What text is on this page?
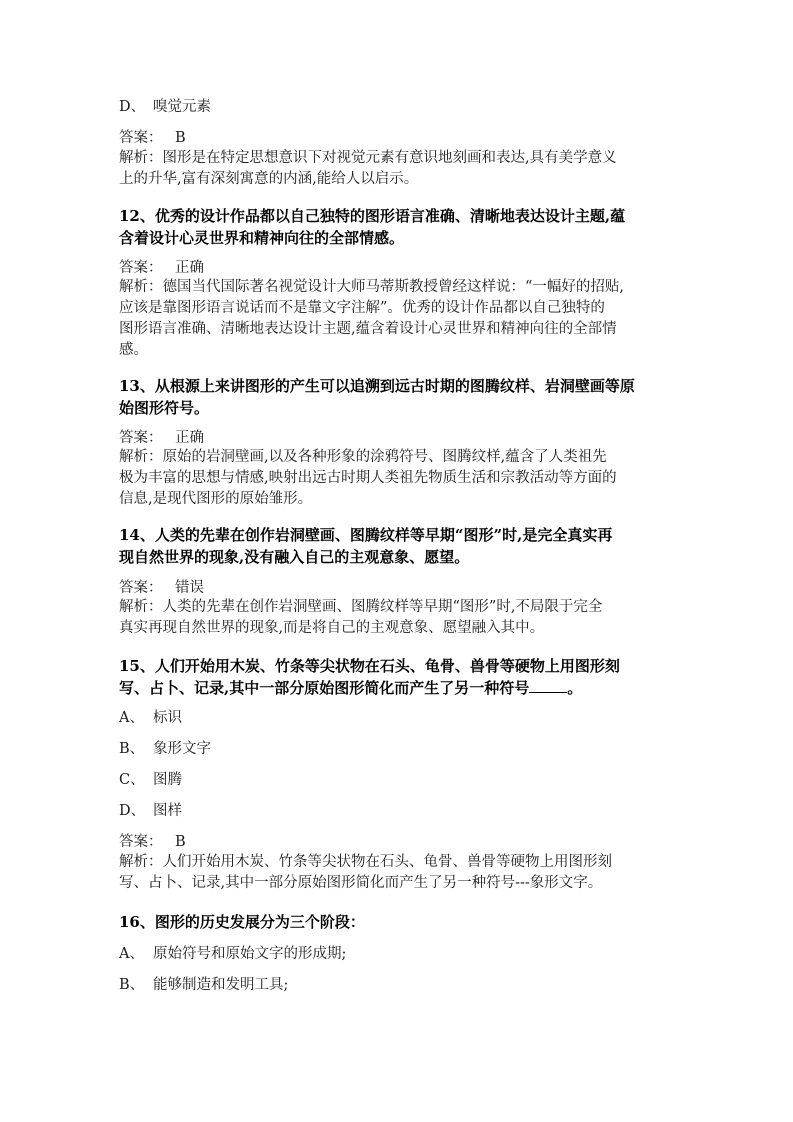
D、 嗅觉元素

答案： B

解析：图形是在特定思想意识下对视觉元素有意识地刻画和表达,具有美学意义
上的升华,富有深刻寓意的内涵,能给人以启示。
12、优秀的设计作品都以自己独特的图形语言准确、清晰地表达设计主题,蕴
含着设计心灵世界和精神向往的全部情感。

答案： 正确

解析：德国当代国际著名视觉设计大师马蒂斯教授曾经这样说：“一幅好的招贴,
应该是靠图形语言说话而不是靠文字注解”。优秀的设计作品都以自己独特的
图形语言准确、清晰地表达设计主题,蕴含着设计心灵世界和精神向往的全部情
感。
13、从根源上来讲图形的产生可以追溯到远古时期的图腾纹样、岩洞壁画等原
始图形符号。

答案： 正确

解析：原始的岩洞壁画,以及各种形象的涂鸦符号、图腾纹样,蕴含了人类祖先
极为丰富的思想与情感,映射出远古时期人类祖先物质生活和宗教活动等方面的
信息,是现代图形的原始雏形。
14、人类的先辈在创作岩洞壁画、图腾纹样等早期“图形”时,是完全真实再
现自然世界的现象,没有融入自己的主观意象、愿望。

答案： 错误

解析：人类的先辈在创作岩洞壁画、图腾纹样等早期“图形”时,不局限于完全
真实再现自然世界的现象,而是将自己的主观意象、愿望融入其中。
15、人们开始用木炭、竹条等尖状物在石头、龟骨、兽骨等硬物上用图形刻
写、占卜、记录,其中一部分原始图形简化而产生了另一种符号	。

A、 标识

B、 象形文字

C、 图腾

D、 图样

答案： B

解析：人们开始用木炭、竹条等尖状物在石头、龟骨、兽骨等硬物上用图形刻
写、占卜、记录,其中一部分原始图形简化而产生了另一种符号---象形文字。
16、图形的历史发展分为三个阶段：

A、 原始符号和原始文字的形成期;

B、 能够制造和发明工具;
